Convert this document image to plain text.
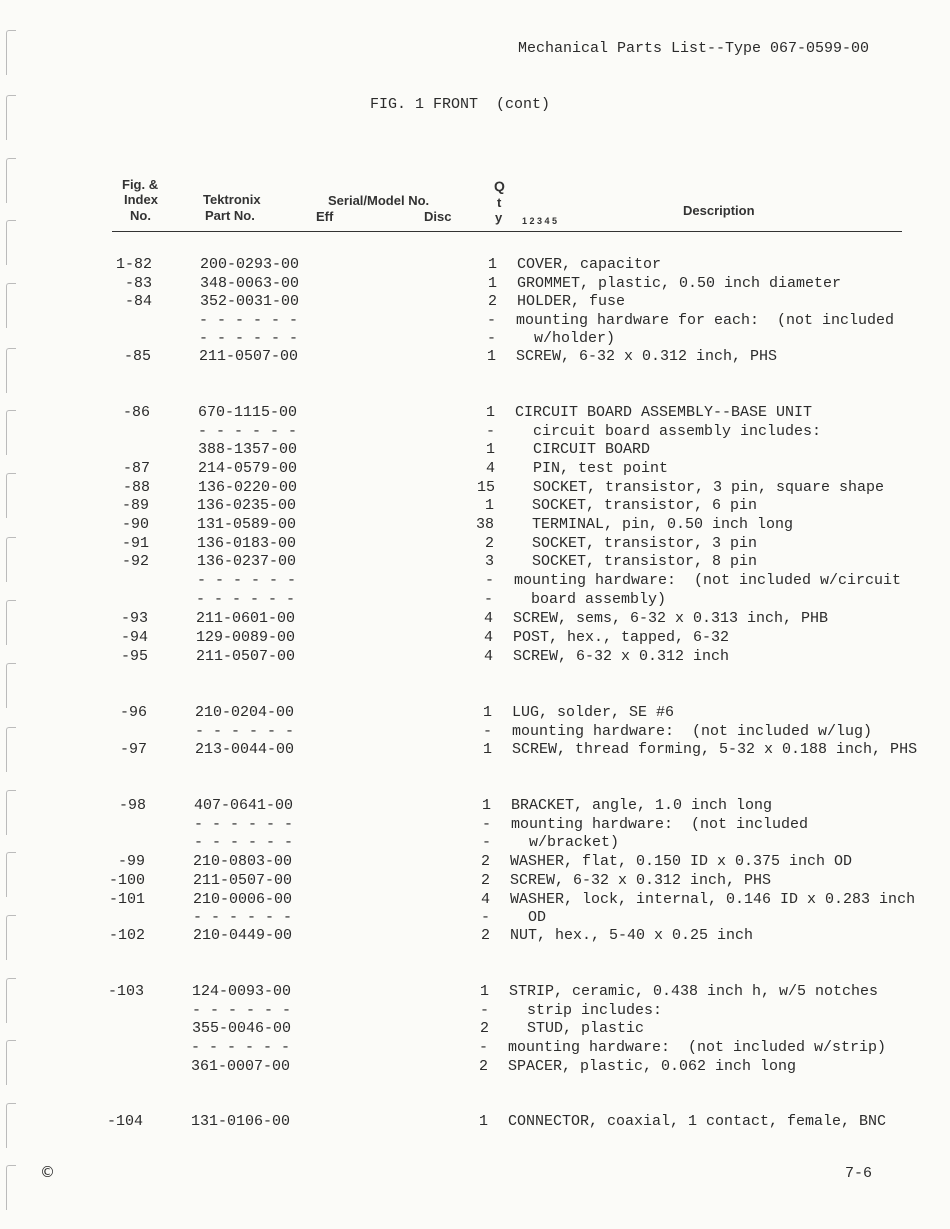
Mechanical Parts List--Type 067-0599-00
FIG. 1 FRONT  (cont)
Fig. &
Index
No.
Tektronix
Part No.
Serial/Model No.
Eff	Disc
Q
t
y 1 2 3 4 5
Description
1-82	200-0293-00	1 COVER, capacitor
-83	348-0063-00	1 GROMMET, plastic, 0.50 inch diameter
-84	352-0031-00	2 HOLDER, fuse
- - - - - -	- mounting hardware for each:  (not included
- - - - - -	- w/holder)
-85	211-0507-00	1 SCREW, 6-32 x 0.312 inch, PHS
-86	670-1115-00	1 CIRCUIT BOARD ASSEMBLY--BASE UNIT
- - - - - -	- circuit board assembly includes:
388-1357-00	1 CIRCUIT BOARD
-87	214-0579-00	4 PIN, test point
-88	136-0220-00	15 SOCKET, transistor, 3 pin, square shape
-89	136-0235-00	1 SOCKET, transistor, 6 pin
-90	131-0589-00	38 TERMINAL, pin, 0.50 inch long
-91	136-0183-00	2 SOCKET, transistor, 3 pin
-92	136-0237-00	3 SOCKET, transistor, 8 pin
- - - - - -	- mounting hardware:  (not included w/circuit
- - - - - -	- board assembly)
-93	211-0601-00	4 SCREW, sems, 6-32 x 0.313 inch, PHB
-94	129-0089-00	4 POST, hex., tapped, 6-32
-95	211-0507-00	4 SCREW, 6-32 x 0.312 inch
-96	210-0204-00	1 LUG, solder, SE #6
- - - - - -	- mounting hardware:  (not included w/lug)
-97	213-0044-00	1 SCREW, thread forming, 5-32 x 0.188 inch, PHS
-98	407-0641-00	1 BRACKET, angle, 1.0 inch long
- - - - - -	- mounting hardware:  (not included
- - - - - -	- w/bracket)
-99	210-0803-00	2 WASHER, flat, 0.150 ID x 0.375 inch OD
-100	211-0507-00	2 SCREW, 6-32 x 0.312 inch, PHS
-101	210-0006-00	4 WASHER, lock, internal, 0.146 ID x 0.283 inch
- - - - - -	- OD
-102	210-0449-00	2 NUT, hex., 5-40 x 0.25 inch
-103	124-0093-00	1 STRIP, ceramic, 0.438 inch h, w/5 notches
- - - - - -	- strip includes:
355-0046-00	2 STUD, plastic
- - - - - -	- mounting hardware:  (not included w/strip)
361-0007-00	2 SPACER, plastic, 0.062 inch long
-104	131-0106-00	1 CONNECTOR, coaxial, 1 contact, female, BNC
©	7-6
